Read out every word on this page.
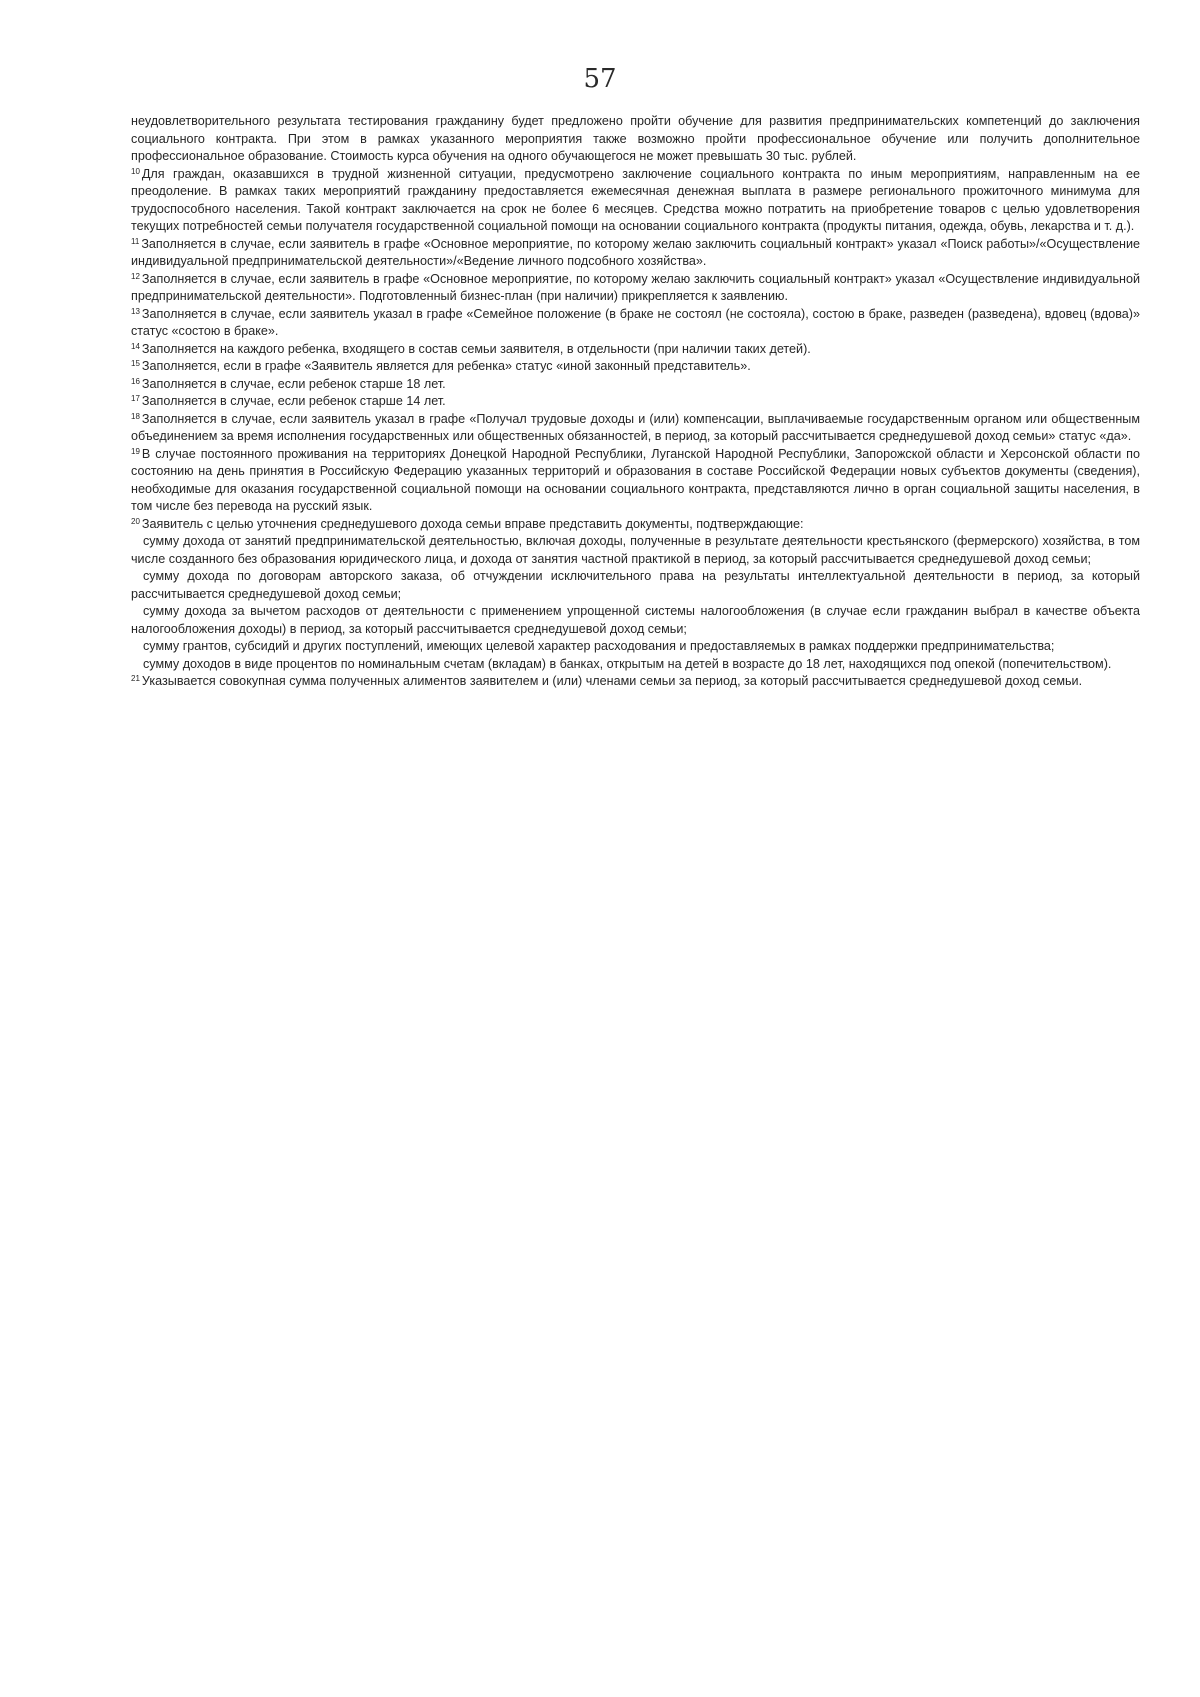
57

неудовлетворительного результата тестирования гражданину будет предложено пройти обучение для развития предпринимательских компетенций до заключения социального контракта. При этом в рамках указанного мероприятия также возможно пройти профессиональное обучение или получить дополнительное профессиональное образование. Стоимость курса обучения на одного обучающегося не может превышать 30 тыс. рублей.

$^{10}$ Для граждан, оказавшихся в трудной жизненной ситуации, предусмотрено заключение социального контракта по иным мероприятиям, направленным на ее преодоление. В рамках таких мероприятий гражданину предоставляется ежемесячная денежная выплата в размере регионального прожиточного минимума для трудоспособного населения. Такой контракт заключается на срок не более 6 месяцев. Средства можно потратить на приобретение товаров с целью удовлетворения текущих потребностей семьи получателя государственной социальной помощи на основании социального контракта (продукты питания, одежда, обувь, лекарства и т. д.).

$^{11}$ Заполняется в случае, если заявитель в графе «Основное мероприятие, по которому желаю заключить социальный контракт» указал «Поиск работы»/«Осуществление индивидуальной предпринимательской деятельности»/«Ведение личного подсобного хозяйства».

$^{12}$ Заполняется в случае, если заявитель в графе «Основное мероприятие, по которому желаю заключить социальный контракт» указал «Осуществление индивидуальной предпринимательской деятельности». Подготовленный бизнес-план (при наличии) прикрепляется к заявлению.

$^{13}$ Заполняется в случае, если заявитель указал в графе «Семейное положение (в браке не состоял (не состояла), состою в браке, разведен (разведена), вдовец (вдова)» статус «состою в браке».

$^{14}$ Заполняется на каждого ребенка, входящего в состав семьи заявителя, в отдельности (при наличии таких детей).

$^{15}$ Заполняется, если в графе «Заявитель является для ребенка» статус «иной законный представитель».

$^{16}$ Заполняется в случае, если ребенок старше 18 лет.

$^{17}$ Заполняется в случае, если ребенок старше 14 лет.

$^{18}$ Заполняется в случае, если заявитель указал в графе «Получал трудовые доходы и (или) компенсации, выплачиваемые государственным органом или общественным объединением за время исполнения государственных или общественных обязанностей, в период, за который рассчитывается среднедушевой доход семьи» статус «да».

$^{19}$ В случае постоянного проживания на территориях Донецкой Народной Республики, Луганской Народной Республики, Запорожской области и Херсонской области по состоянию на день принятия в Российскую Федерацию указанных территорий и образования в составе Российской Федерации новых субъектов документы (сведения), необходимые для оказания государственной социальной помощи на основании социального контракта, представляются лично в орган социальной защиты населения, в том числе без перевода на русский язык.

$^{20}$ Заявитель с целью уточнения среднедушевого дохода семьи вправе представить документы, подтверждающие:

сумму дохода от занятий предпринимательской деятельностью, включая доходы, полученные в результате деятельности крестьянского (фермерского) хозяйства, в том числе созданного без образования юридического лица, и дохода от занятия частной практикой в период, за который рассчитывается среднедушевой доход семьи;

сумму дохода по договорам авторского заказа, об отчуждении исключительного права на результаты интеллектуальной деятельности в период, за который рассчитывается среднедушевой доход семьи;

сумму дохода за вычетом расходов от деятельности с применением упрощенной системы налогообложения (в случае если гражданин выбрал в качестве объекта налогообложения доходы) в период, за который рассчитывается среднедушевой доход семьи;

сумму грантов, субсидий и других поступлений, имеющих целевой характер расходования и предоставляемых в рамках поддержки предпринимательства;

сумму доходов в виде процентов по номинальным счетам (вкладам) в банках, открытым на детей в возрасте до 18 лет, находящихся под опекой (попечительством).

$^{21}$ Указывается совокупная сумма полученных алиментов заявителем и (или) членами семьи за период, за который рассчитывается среднедушевой доход семьи.
